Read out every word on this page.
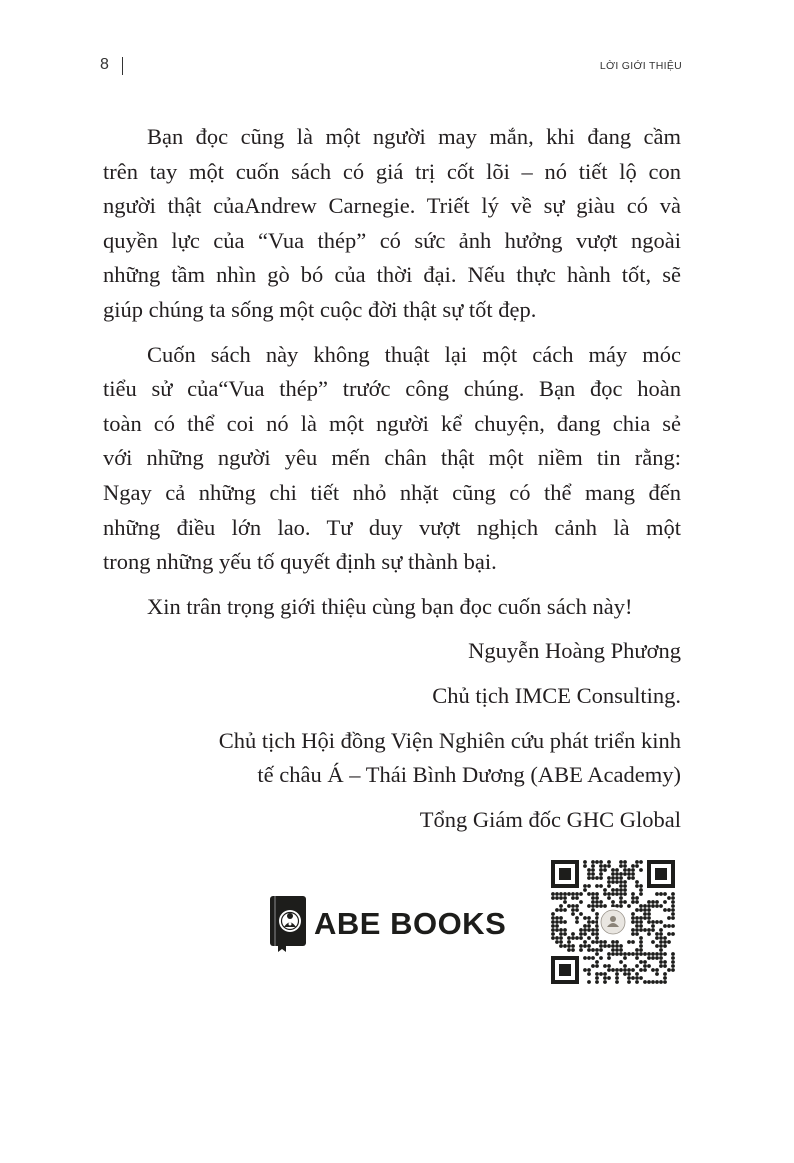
8	LỜI GIỚI THIỆU

Bạn đọc cũng là một người may mắn, khi đang cầm
trên tay một cuốn sách có giá trị cốt lõi – nó tiết lộ con
người thật củaAndrew Carnegie. Triết lý về sự giàu có và
quyền lực của “Vua thép” có sức ảnh hưởng vượt ngoài
những tầm nhìn gò bó của thời đại. Nếu thực hành tốt, sẽ
giúp chúng ta sống một cuộc đời thật sự tốt đẹp.

Cuốn sách này không thuật lại một cách máy móc
tiểu sử của“Vua thép” trước công chúng. Bạn đọc hoàn
toàn có thể coi nó là một người kể chuyện, đang chia sẻ
với những người yêu mến chân thật một niềm tin rằng:
Ngay cả những chi tiết nhỏ nhặt cũng có thể mang đến
những điều lớn lao. Tư duy vượt nghịch cảnh là một
trong những yếu tố quyết định sự thành bại.

Xin trân trọng giới thiệu cùng bạn đọc cuốn sách này!

Nguyễn Hoàng Phương

Chủ tịch IMCE Consulting.

Chủ tịch Hội đồng Viện Nghiên cứu phát triển kinh
tế châu Á – Thái Bình Dương (ABE Academy)

Tổng Giám đốc GHC Global

ABE BOOKS
